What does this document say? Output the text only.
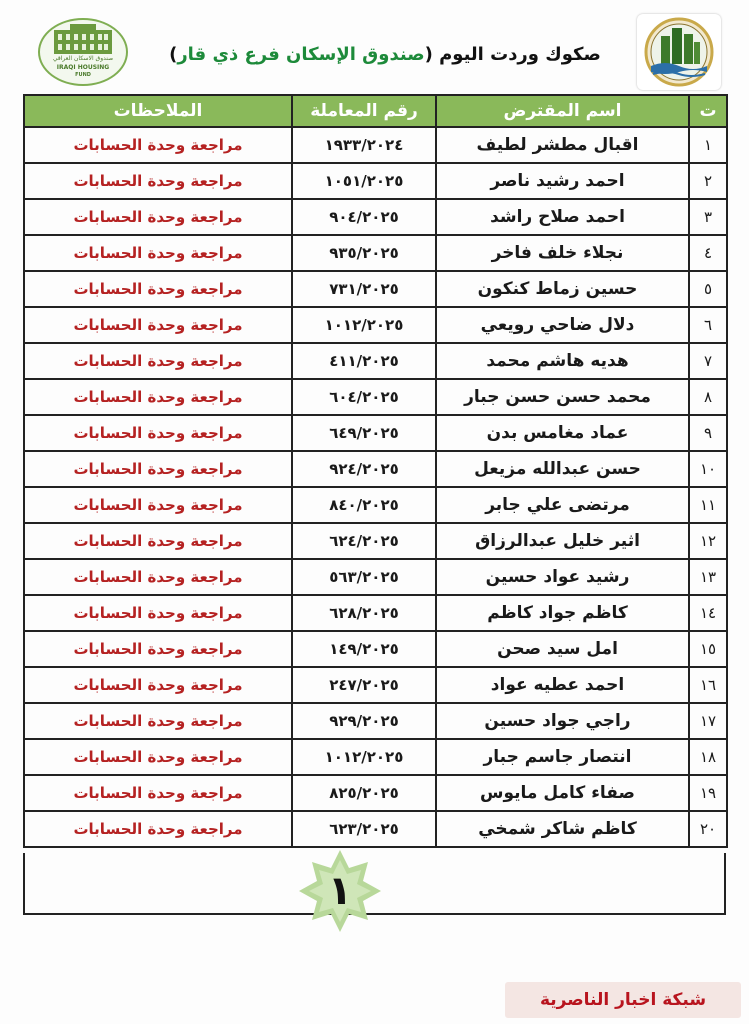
صندوق الاسكان العراقي
IRAQI HOUSING
FUND
صكوك وردت اليوم (صندوق الإسكان فرع ذي قار)
ت	اسم المقترض	رقم المعاملة	الملاحظات
١	اقبال مطشر لطيف	١٩٣٣/٢٠٢٤	مراجعة وحدة الحسابات
٢	احمد رشيد ناصر	١٠٥١/٢٠٢٥	مراجعة وحدة الحسابات
٣	احمد صلاح راشد	٩٠٤/٢٠٢٥	مراجعة وحدة الحسابات
٤	نجلاء خلف فاخر	٩٣٥/٢٠٢٥	مراجعة وحدة الحسابات
٥	حسين زماط كنكون	٧٣١/٢٠٢٥	مراجعة وحدة الحسابات
٦	دلال ضاحي رويعي	١٠١٢/٢٠٢٥	مراجعة وحدة الحسابات
٧	هديه هاشم محمد	٤١١/٢٠٢٥	مراجعة وحدة الحسابات
٨	محمد حسن حسن جبار	٦٠٤/٢٠٢٥	مراجعة وحدة الحسابات
٩	عماد مغامس بدن	٦٤٩/٢٠٢٥	مراجعة وحدة الحسابات
١٠	حسن عبدالله مزيعل	٩٢٤/٢٠٢٥	مراجعة وحدة الحسابات
١١	مرتضى علي جابر	٨٤٠/٢٠٢٥	مراجعة وحدة الحسابات
١٢	اثير خليل عبدالرزاق	٦٢٤/٢٠٢٥	مراجعة وحدة الحسابات
١٣	رشيد عواد حسين	٥٦٣/٢٠٢٥	مراجعة وحدة الحسابات
١٤	كاظم جواد كاظم	٦٢٨/٢٠٢٥	مراجعة وحدة الحسابات
١٥	امل سيد صحن	١٤٩/٢٠٢٥	مراجعة وحدة الحسابات
١٦	احمد عطيه عواد	٢٤٧/٢٠٢٥	مراجعة وحدة الحسابات
١٧	راجي جواد حسين	٩٢٩/٢٠٢٥	مراجعة وحدة الحسابات
١٨	انتصار جاسم جبار	١٠١٢/٢٠٢٥	مراجعة وحدة الحسابات
١٩	صفاء كامل مايوس	٨٢٥/٢٠٢٥	مراجعة وحدة الحسابات
٢٠	كاظم شاكر شمخي	٦٢٣/٢٠٢٥	مراجعة وحدة الحسابات
١
شبكة اخبار الناصرية
